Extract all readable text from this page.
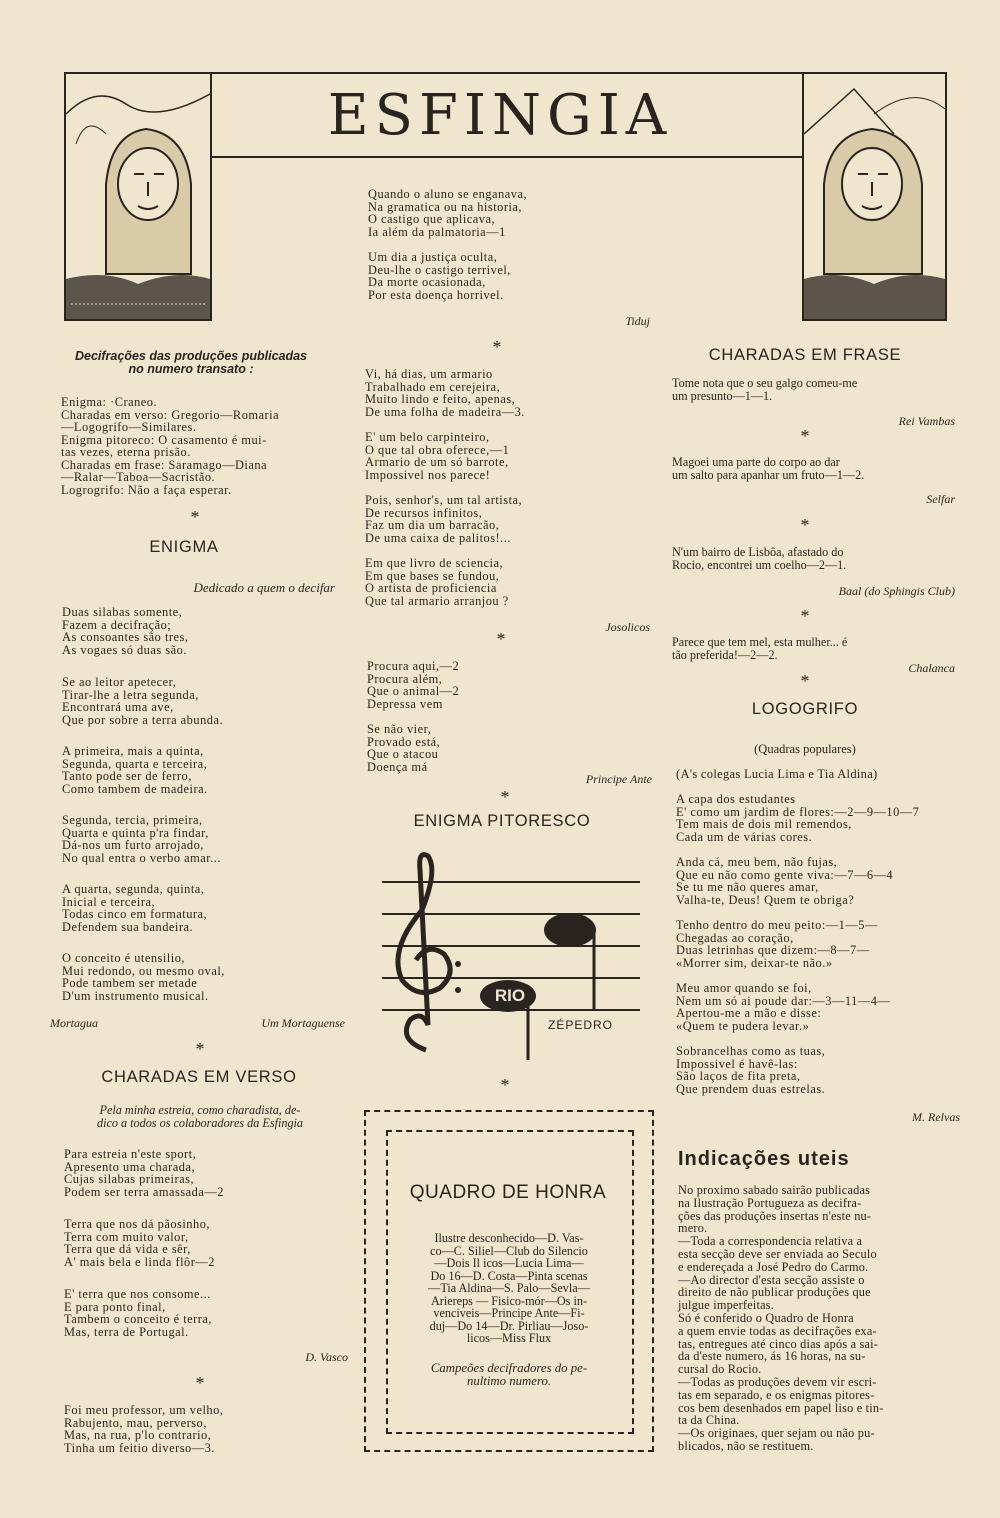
ESFINGIA
Decifrações das produções publicadas
no numero transato :
Enigma: ·Craneo.
Charadas em verso: Gregorio—Romaria
—Logogrifo—Similares.
Enigma pitoreco: O casamento é mui-
tas vezes, eterna prisão.
Charadas em frase: Saramago—Diana
—Ralar—Taboa—Sacristão.
Logrogrifo: Não a faça esperar.
*
ENIGMA
Dedicado a quem o decifar
Duas silabas somente,
Fazem a decifração;
As consoantes são tres,
As vogaes só duas são.
Se ao leitor apetecer,
Tirar-lhe a letra segunda,
Encontrará uma ave,
Que por sobre a terra abunda.
A primeira, mais a quinta,
Segunda, quarta e terceira,
Tanto pode ser de ferro,
Como tambem de madeira.
Segunda, tercia, primeira,
Quarta e quinta p'ra findar,
Dá-nos um furto arrojado,
No qual entra o verbo amar...
A quarta, segunda, quinta,
Inicial e terceira,
Todas cinco em formatura,
Defendem sua bandeira.
O conceito é utensilio,
Mui redondo, ou mesmo oval,
Pode tambem ser metade
D'um instrumento musical.
Mortagua	Um Mortaguense
*
CHARADAS EM VERSO
Pela minha estreia, como charadista, de-
dico a todos os colaboradores da Esfingia
Para estreia n'este sport,
Apresento uma charada,
Cujas silabas primeiras,
Podem ser terra amassada—2
Terra que nos dá pãosinho,
Terra com muito valor,
Terra que dá vida e sêr,
A' mais bela e linda flôr—2
E' terra que nos consome...
E para ponto final,
Tambem o conceito é terra,
Mas, terra de Portugal.
D. Vasco
*
Foi meu professor, um velho,
Rabujento, mau, perverso,
Mas, na rua, p'lo contrario,
Tinha um feitio diverso—3.
Quando o aluno se enganava,
Na gramatica ou na historia,
O castigo que aplicava,
Ia além da palmatoria—1
Um dia a justiça oculta,
Deu-lhe o castigo terrivel,
Da morte ocasionada,
Por esta doença horrivel.
Tiduj
*
Vi, há dias, um armario
Trabalhado em cerejeira,
Muito lindo e feito, apenas,
De uma folha de madeira—3.
E' um belo carpinteiro,
O que tal obra oferece,—1
Armario de um só barrote,
Impossivel nos parece!
Pois, senhor's, um tal artista,
De recursos infinitos,
Faz um dia um barracão,
De uma caixa de palitos!...
Em que livro de sciencia,
Em que bases se fundou,
O artista de proficiencia
Que tal armario arranjou ?
Josolicos
*
Procura aqui,—2
Procura além,
Que o animal—2
Depressa vem
Se não vier,
Provado está,
Que o atacou
Doença má
Principe Ante
*
ENIGMA PITORESCO
RIO
ZÉPEDRO
*
QUADRO DE HONRA
Ilustre desconhecido—D. Vas-
co—C. Siliel—Club do Silencio
—Dois Il icos—Lucia Lima—
Do 16—D. Costa—Pinta scenas
—Tia Aldina—S. Palo—Sevla—
Ariereps — Fisico-mór—Os in-
venciveis—Principe Ante—Fi-
duj—Do 14—Dr. Pirliau—Joso-
licos—Miss Flux
Campeões decifradores do pe-
nultimo numero.
CHARADAS EM FRASE
Tome nota que o seu galgo comeu-me
um presunto—1—1.
Rei Vambas
*
Magoei uma parte do corpo ao dar
um salto para apanhar um fruto—1—2.
Selfar
*
N'um bairro de Lisbôa, afastado do
Rocio, encontrei um coelho—2—1.
Baal (do Sphingis Club)
*
Parece que tem mel, esta mulher... é
tão preferida!—2—2.
Chalanca
*
LOGOGRIFO
(Quadras populares)
(A's colegas Lucia Lima e Tia Aldina)
A capa dos estudantes
E' como um jardim de flores:—2—9—10—7
Tem mais de dois mil remendos,
Cada um de várias cores.
Anda cá, meu bem, não fujas,
Que eu não como gente viva:—7—6—4
Se tu me não queres amar,
Valha-te, Deus! Quem te obriga?
Tenho dentro do meu peito:—1—5—
Chegadas ao coração,
Duas letrinhas que dizem:—8—7—
«Morrer sim, deixar-te não.»
Meu amor quando se foi,
Nem um só ai poude dar:—3—11—4—
Apertou-me a mão e disse:
«Quem te pudera levar.»
Sobrancelhas como as tuas,
Impossivel é havê-las:
São laços de fita preta,
Que prendem duas estrelas.
M. Relvas
Indicações uteis
No proximo sabado sairão publicadas
na Ilustração Portugueza as decifra-
ções das produções insertas n'este nu-
mero.
—Toda a correspondencia relativa a
esta secção deve ser enviada ao Seculo
e endereçada a José Pedro do Carmo.
—Ao director d'esta secção assiste o
direito de não publicar produções que
julgue imperfeitas.
Só é conferido o Quadro de Honra
a quem envie todas as decifrações exa-
tas, entregues até cinco dias após a sai-
da d'este numero, ás 16 horas, na su-
cursal do Rocio.
—Todas as produções devem vir escri-
tas em separado, e os enigmas pitores-
cos bem desenhados em papel liso e tin-
ta da China.
—Os originaes, quer sejam ou não pu-
blicados, não se restituem.
